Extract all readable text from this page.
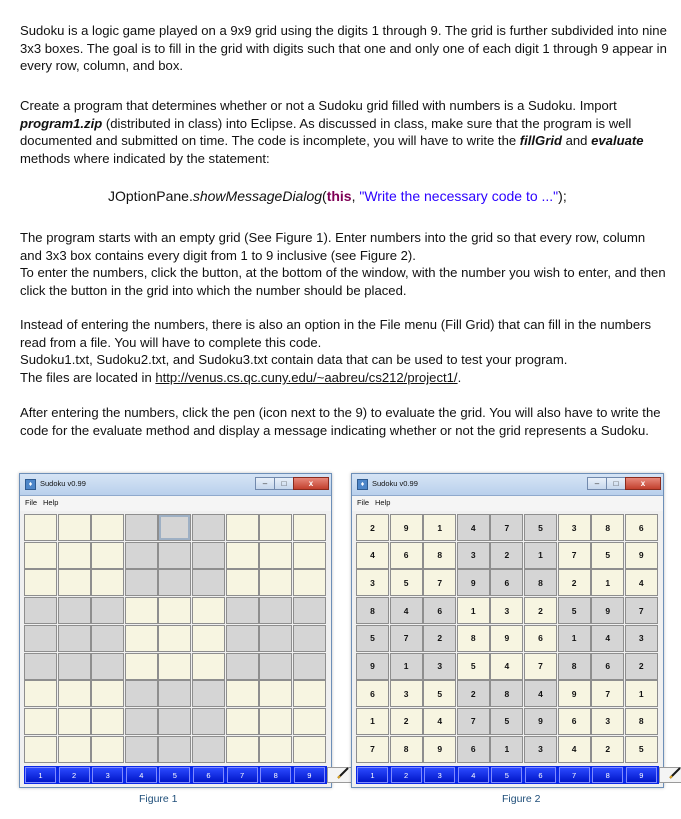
Sudoku is a logic game played on a 9x9 grid using the digits 1 through 9. The grid is further subdivided into nine 3x3 boxes. The goal is to fill in the grid with digits such that one and only one of each digit 1 through 9 appear in every row, column, and box.
Create a program that determines whether or not a Sudoku grid filled with numbers is a Sudoku. Import program1.zip (distributed in class) into Eclipse. As discussed in class, make sure that the program is well documented and submitted on time. The code is incomplete, you will have to write the fillGrid and evaluate methods where indicated by the statement:
JOptionPane.showMessageDialog(this, "Write the necessary code to ...");
The program starts with an empty grid (See Figure 1). Enter numbers into the grid so that every row, column and 3x3 box contains every digit from 1 to 9 inclusive (see Figure 2).
To enter the numbers, click the button, at the bottom of the window, with the number you wish to enter, and then click the button in the grid into which the number should be placed.
Instead of entering the numbers, there is also an option in the File menu (Fill Grid) that can fill in the numbers read from a file. You will have to complete this code.
Sudoku1.txt, Sudoku2.txt, and Sudoku3.txt contain data that can be used to test your program.
The files are located in http://venus.cs.qc.cuny.edu/~aabreu/cs212/project1/.
After entering the numbers, click the pen (icon next to the 9) to evaluate the grid. You will also have to write the code for the evaluate method and display a message indicating whether or not the grid represents a Sudoku.
♦	Sudoku v0.99	–	□	x
File Help
1	2	3	4	5	6	7	8	9
Figure 1
♦	Sudoku v0.99	–	□	x
File Help
2	9	1	4	7	5	3	8	6
4	6	8	3	2	1	7	5	9
3	5	7	9	6	8	2	1	4
8	4	6	1	3	2	5	9	7
5	7	2	8	9	6	1	4	3
9	1	3	5	4	7	8	6	2
6	3	5	2	8	4	9	7	1
1	2	4	7	5	9	6	3	8
7	8	9	6	1	3	4	2	5
1	2	3	4	5	6	7	8	9
Figure 2
